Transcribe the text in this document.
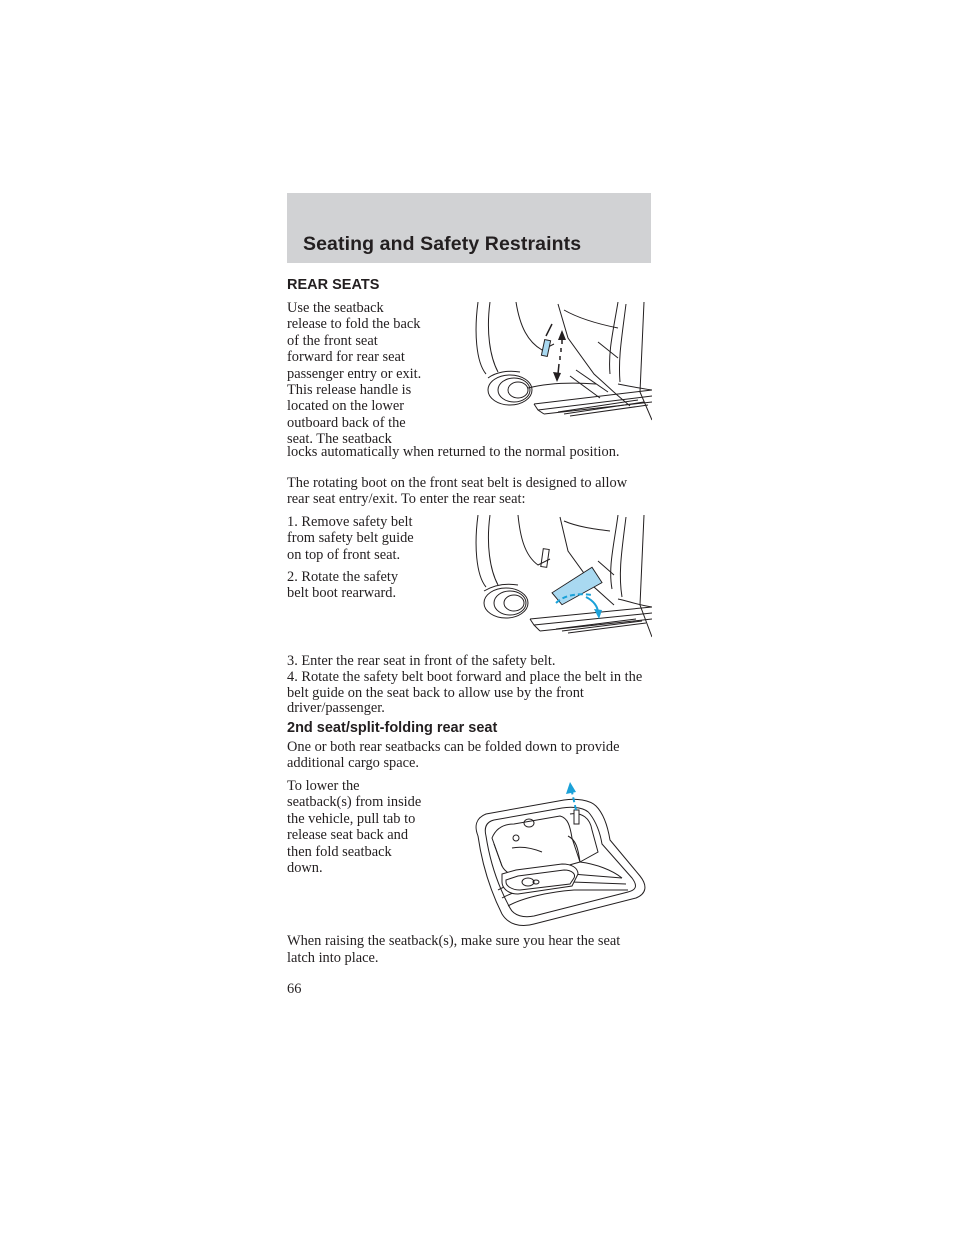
Seating and Safety Restraints
REAR SEATS
Use the seatback
release to fold the back
of the front seat
forward for rear seat
passenger entry or exit.
This release handle is
located on the lower
outboard back of the
seat. The seatback

locks automatically when returned to the normal position.

The rotating boot on the front seat belt is designed to allow rear seat entry/exit. To enter the rear seat:

1. Remove safety belt
from safety belt guide
on top of front seat.
2. Rotate the safety
belt boot rearward.

3. Enter the rear seat in front of the safety belt.

4. Rotate the safety belt boot forward and place the belt in the belt guide on the seat back to allow use by the front driver/passenger.

2nd seat/split-folding rear seat

One or both rear seatbacks can be folded down to provide additional cargo space.

To lower the
seatback(s) from inside
the vehicle, pull tab to
release seat back and
then fold seatback
down.

When raising the seatback(s), make sure you hear the seat latch into place.

66
